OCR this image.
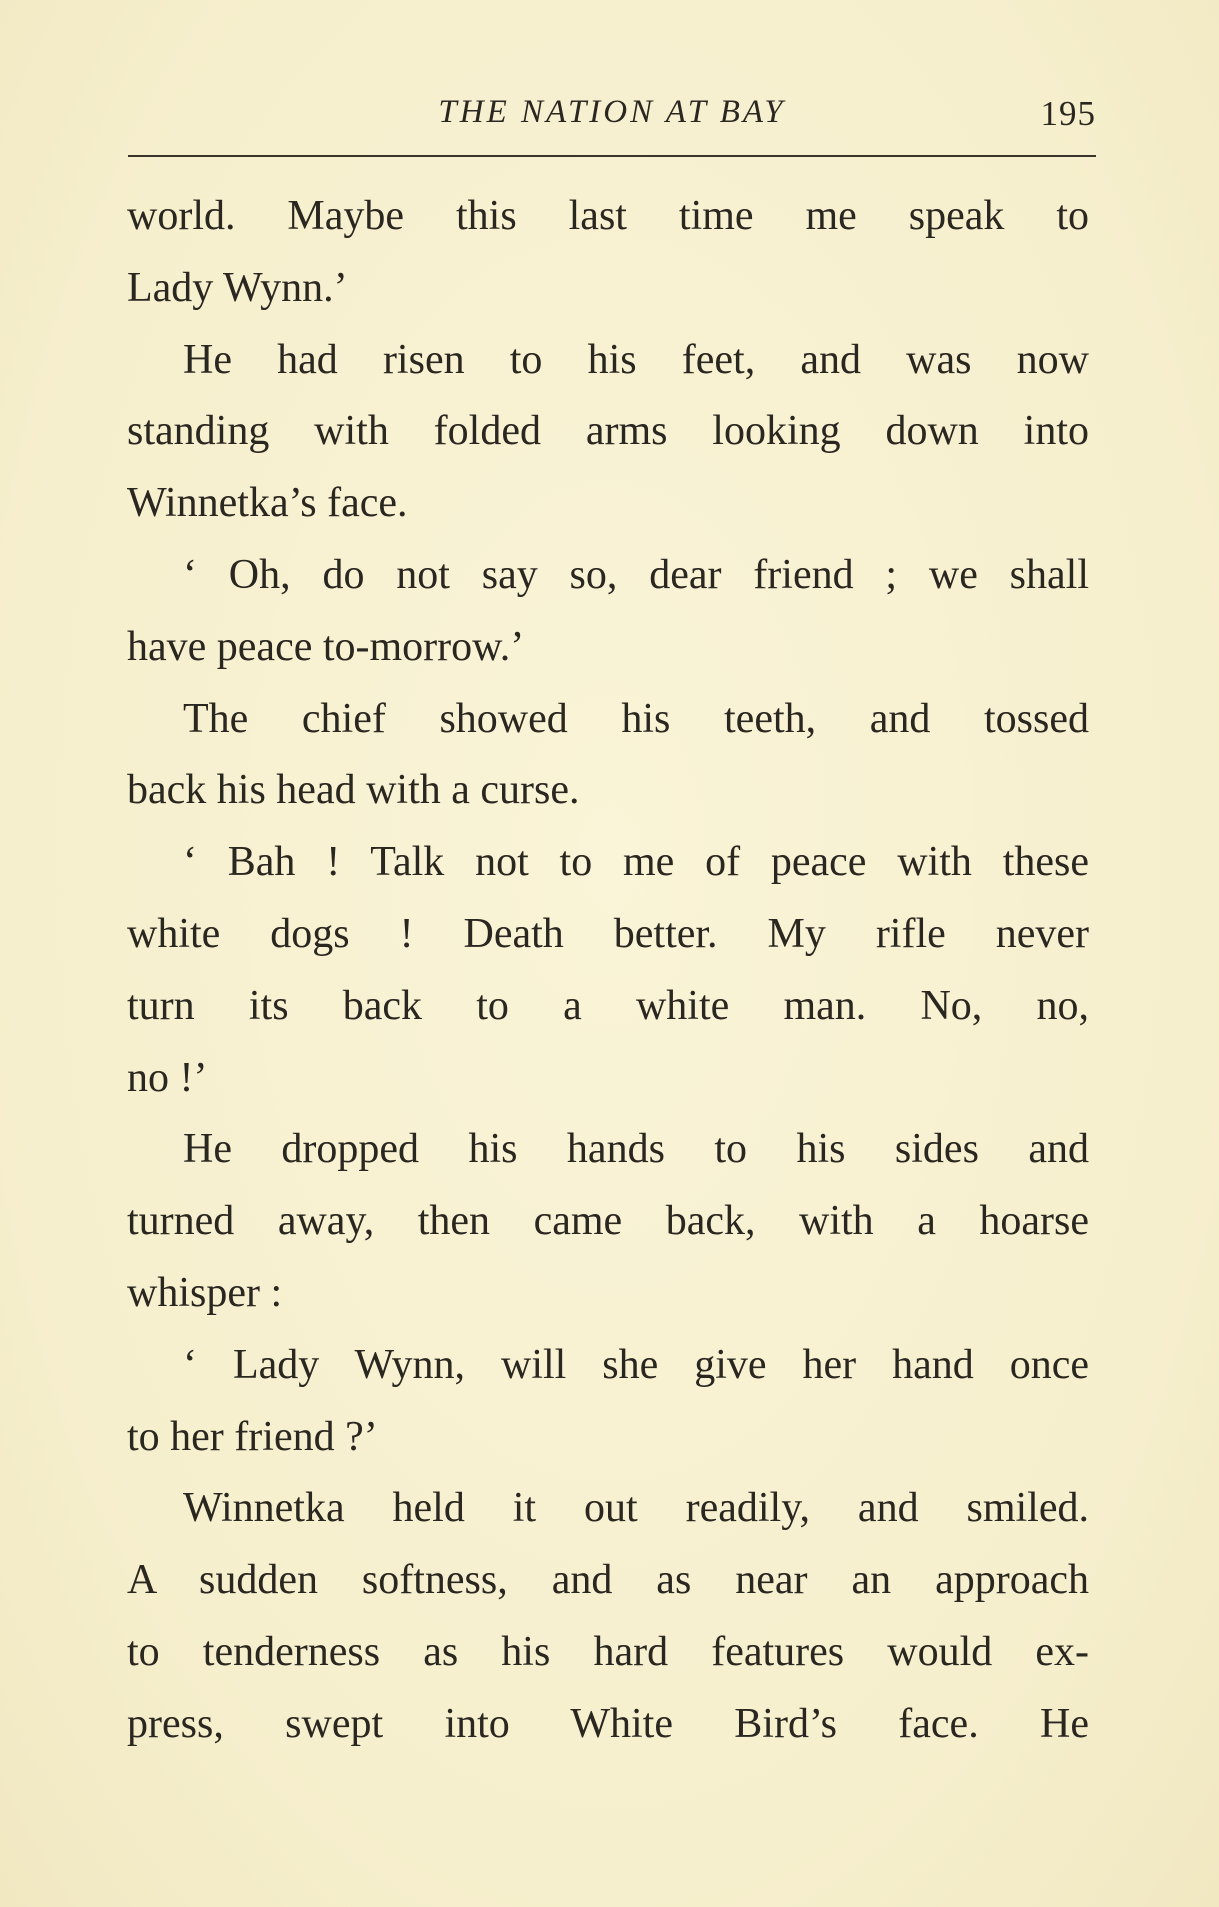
THE NATION AT BAY	195
world. Maybe this last time me speak to
Lady Wynn.’
He had risen to his feet, and was now
standing with folded arms looking down into
Winnetka’s face.
‘ Oh, do not say so, dear friend ; we shall
have peace to-morrow.’
The chief showed his teeth, and tossed
back his head with a curse.
‘ Bah ! Talk not to me of peace with these
white dogs ! Death better. My rifle never
turn its back to a white man. No, no,
no !’
He dropped his hands to his sides and
turned away, then came back, with a hoarse
whisper :
‘ Lady Wynn, will she give her hand once
to her friend ?’
Winnetka held it out readily, and smiled.
A sudden softness, and as near an approach
to tenderness as his hard features would ex-
press, swept into White Bird’s face. He
